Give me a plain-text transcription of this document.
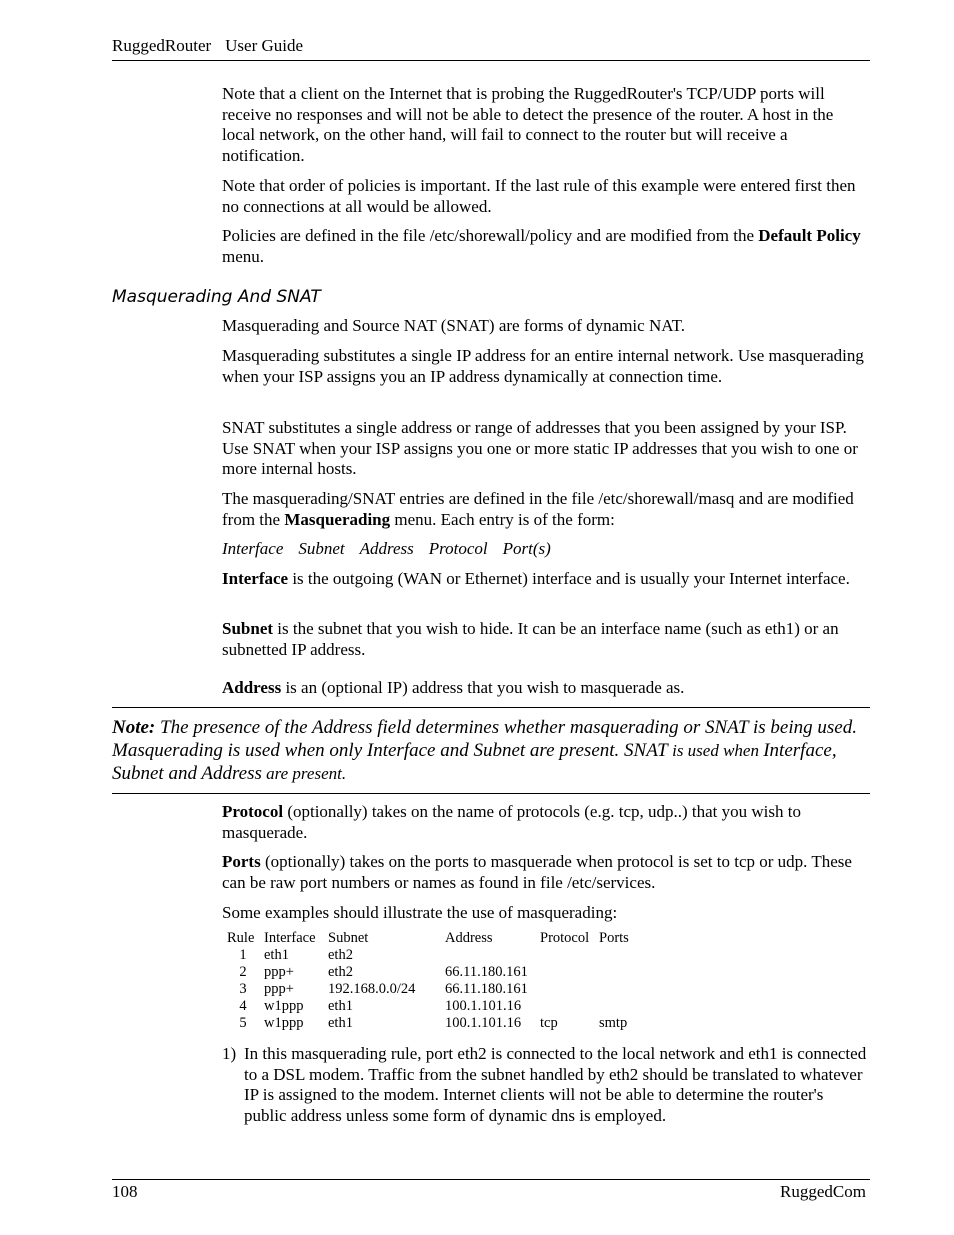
RuggedRouter User Guide
Note that a client on the Internet that is probing the RuggedRouter's TCP/UDP ports will receive no responses and will not be able to detect the presence of the router. A host in the local network, on the other hand, will fail to connect to the router but will receive a notification.
Note that order of policies is important. If the last rule of this example were entered first then no connections at all would be allowed.
Policies are defined in the file /etc/shorewall/policy and are modified from the Default Policy menu.
Masquerading And SNAT
Masquerading and Source NAT (SNAT) are forms of dynamic NAT.
Masquerading substitutes a single IP address for an entire internal network. Use masquerading when your ISP assigns you an IP address dynamically at connection time.
SNAT substitutes a single address or range of addresses that you been assigned by your ISP. Use SNAT when your ISP assigns you one or more static IP addresses that you wish to one or more internal hosts.
The masquerading/SNAT entries are defined in the file /etc/shorewall/masq and are modified from the Masquerading menu. Each entry is of the form:
Interface Subnet Address Protocol Port(s)
Interface is the outgoing (WAN or Ethernet) interface and is usually your Internet interface.
Subnet is the subnet that you wish to hide. It can be an interface name (such as eth1) or an subnetted IP address.
Address is an (optional IP) address that you wish to masquerade as.
Note: The presence of the Address field determines whether masquerading or SNAT is being used. Masquerading is used when only Interface and Subnet are present. SNAT is used when Interface, Subnet and Address are present.
Protocol (optionally) takes on the name of protocols (e.g. tcp, udp..) that you wish to masquerade.
Ports (optionally) takes on the ports to masquerade when protocol is set to tcp or udp. These can be raw port numbers or names as found in file /etc/services.
Some examples should illustrate the use of masquerading:
Rule	Interface	Subnet	Address	Protocol	Ports
1	eth1	eth2			
2	ppp+	eth2	66.11.180.161		
3	ppp+	192.168.0.0/24	66.11.180.161		
4	w1ppp	eth1	100.1.101.16		
5	w1ppp	eth1	100.1.101.16	tcp	smtp
1) In this masquerading rule, port eth2 is connected to the local network and eth1 is connected to a DSL modem. Traffic from the subnet handled by eth2 should be translated to whatever IP is assigned to the modem. Internet clients will not be able to determine the router's public address unless some form of dynamic dns is employed.
108	RuggedCom
